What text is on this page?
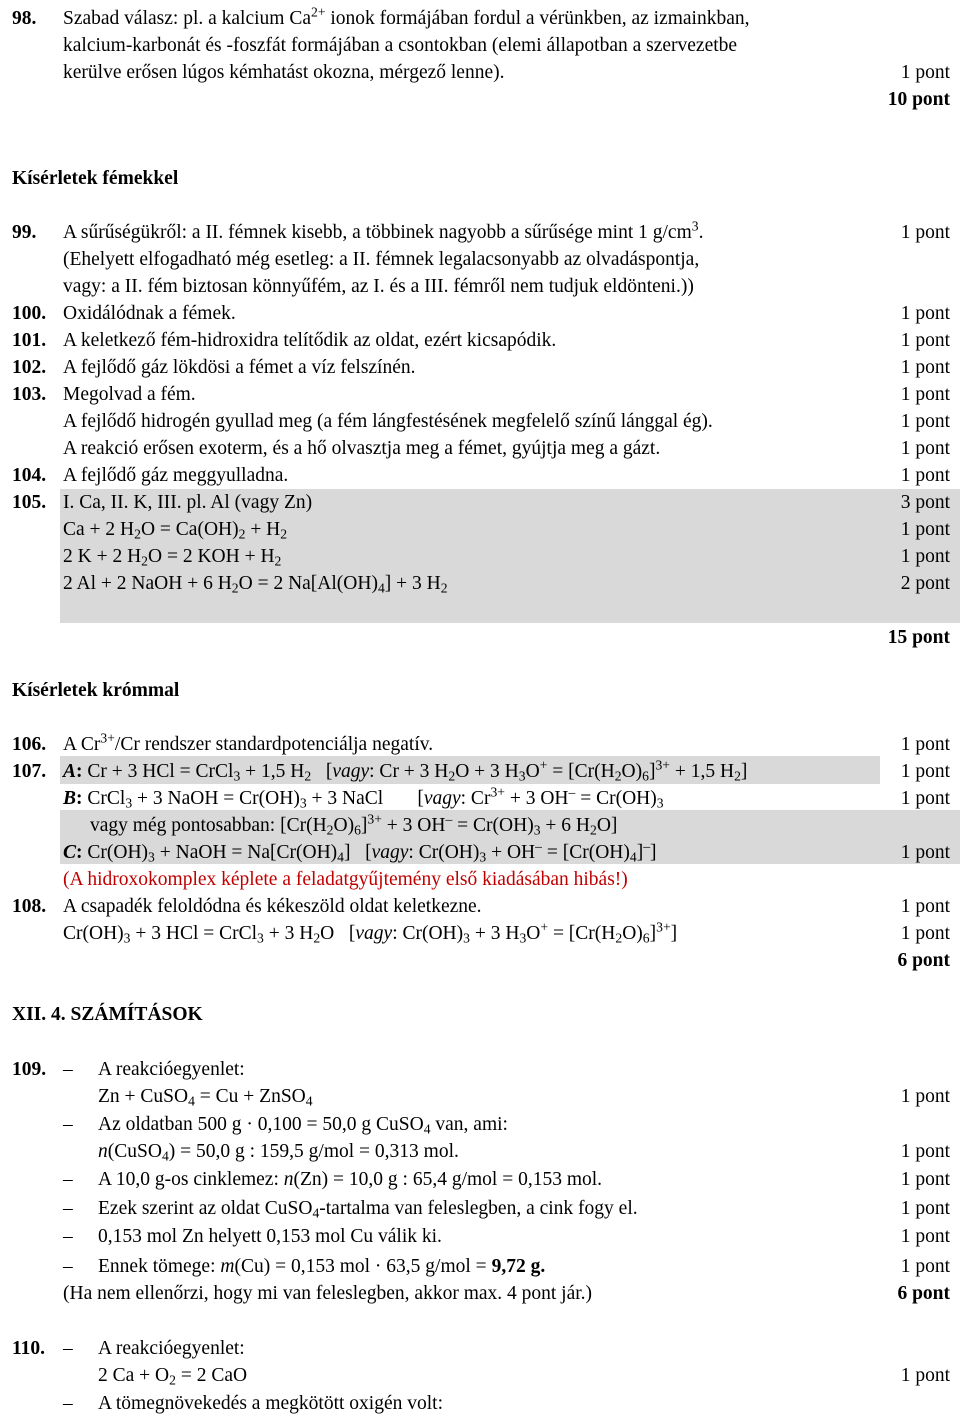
98. Szabad válasz: pl. a kalcium $Ca^{2+}$ ionok formájában fordul a vérünkben, az izmainkban,
kalcium-karbonát és -foszfát formájában a csontokban (elemi állapotban a szervezetbe
kerülve erősen lúgos kémhatást okozna, mérgező lenne).	1 pont
10 pont
Kísérletek fémekkel
99. A sűrűségükről: a II. fémnek kisebb, a többinek nagyobb a sűrűsége mint 1 $g/cm^3$.	1 pont
(Ehelyett elfogadható még esetleg: a II. fémnek legalacsonyabb az olvadáspontja,
vagy: a II. fém biztosan könnyűfém, az I. és a III. fémről nem tudjuk eldönteni.))
100. Oxidálódnak a fémek.	1 pont
101. A keletkező fém-hidroxidra telítődik az oldat, ezért kicsapódik.	1 pont
102. A fejlődő gáz lökdösi a fémet a víz felszínén.	1 pont
103. Megolvad a fém.	1 pont
A fejlődő hidrogén gyullad meg (a fém lángfestésének megfelelő színű lánggal ég).	1 pont
A reakció erősen exoterm, és a hő olvasztja meg a fémet, gyújtja meg a gázt.	1 pont
104. A fejlődő gáz meggyulladna.	1 pont
105. I. Ca, II. K, III. pl. Al (vagy Zn)	3 pont
Ca + 2 $H_2O = Ca(OH)_2 + H_2$	1 pont
2 K + 2 $H_2O = 2$ KOH + $H_2$	1 pont
2 Al + 2 NaOH + 6 $H_2O = 2$ $Na[Al(OH)_4] + 3$ $H_2$	2 pont
15 pont
Kísérletek krómmal
106. A $Cr^{3+}/Cr$ rendszer standardpotenciálja negatív.	1 pont
107. A: Cr + 3 HCl = CrCl$_3$ + 1,5 $H_2$   [vagy: Cr + 3 $H_2O + 3$ $H_3O^+ = [Cr(H_2O)_6]^{3+} + 1,5$ $H_2$]	1 pont
B: CrCl$_3$ + 3 NaOH = $Cr(OH)_3 + 3$ NaCl       [vagy: $Cr^{3+} + 3$ $OH^- = Cr(OH)_3$	1 pont
vagy még pontosabban: $[Cr(H_2O)_6]^{3+} + 3$ $OH^- = Cr(OH)_3 + 6$ $H_2O$]
C: $Cr(OH)_3$ + NaOH = $Na[Cr(OH)_4]$   [vagy: $Cr(OH)_3 + OH^- = [Cr(OH)_4]^-$]	1 pont
(A hidroxokomplex képlete a feladatgyűjtemény első kiadásában hibás!)
108. A csapadék feloldódna és kékeszöld oldat keletkezne.	1 pont
$Cr(OH)_3 + 3$ HCl = CrCl$_3$ + 3 $H_2O$   [vagy: $Cr(OH)_3 + 3$ $H_3O^+ = [Cr(H_2O)_6]^{3+}$]	1 pont
6 pont
XII. 4. SZÁMÍTÁSOK
109. – A reakcióegyenlet:
Zn + CuSO$_4$ = Cu + ZnSO$_4$	1 pont
– Az oldatban 500 g · 0,100 = 50,0 g CuSO$_4$ van, ami:
n(CuSO$_4$) = 50,0 g : 159,5 g/mol = 0,313 mol.	1 pont
– A 10,0 g-os cinklemez: n(Zn) = 10,0 g : 65,4 g/mol = 0,153 mol.	1 pont
– Ezek szerint az oldat CuSO$_4$-tartalma van feleslegben, a cink fogy el.	1 pont
– 0,153 mol Zn helyett 0,153 mol Cu válik ki.	1 pont
– Ennek tömege: m(Cu) = 0,153 mol · 63,5 g/mol = 9,72 g.	1 pont
(Ha nem ellenőrzi, hogy mi van feleslegben, akkor max. 4 pont jár.)	6 pont
110. – A reakcióegyenlet:
2 $Ca + O_2 = 2$ CaO	1 pont
– A tömegnövekedés a megkötött oxigén volt:
